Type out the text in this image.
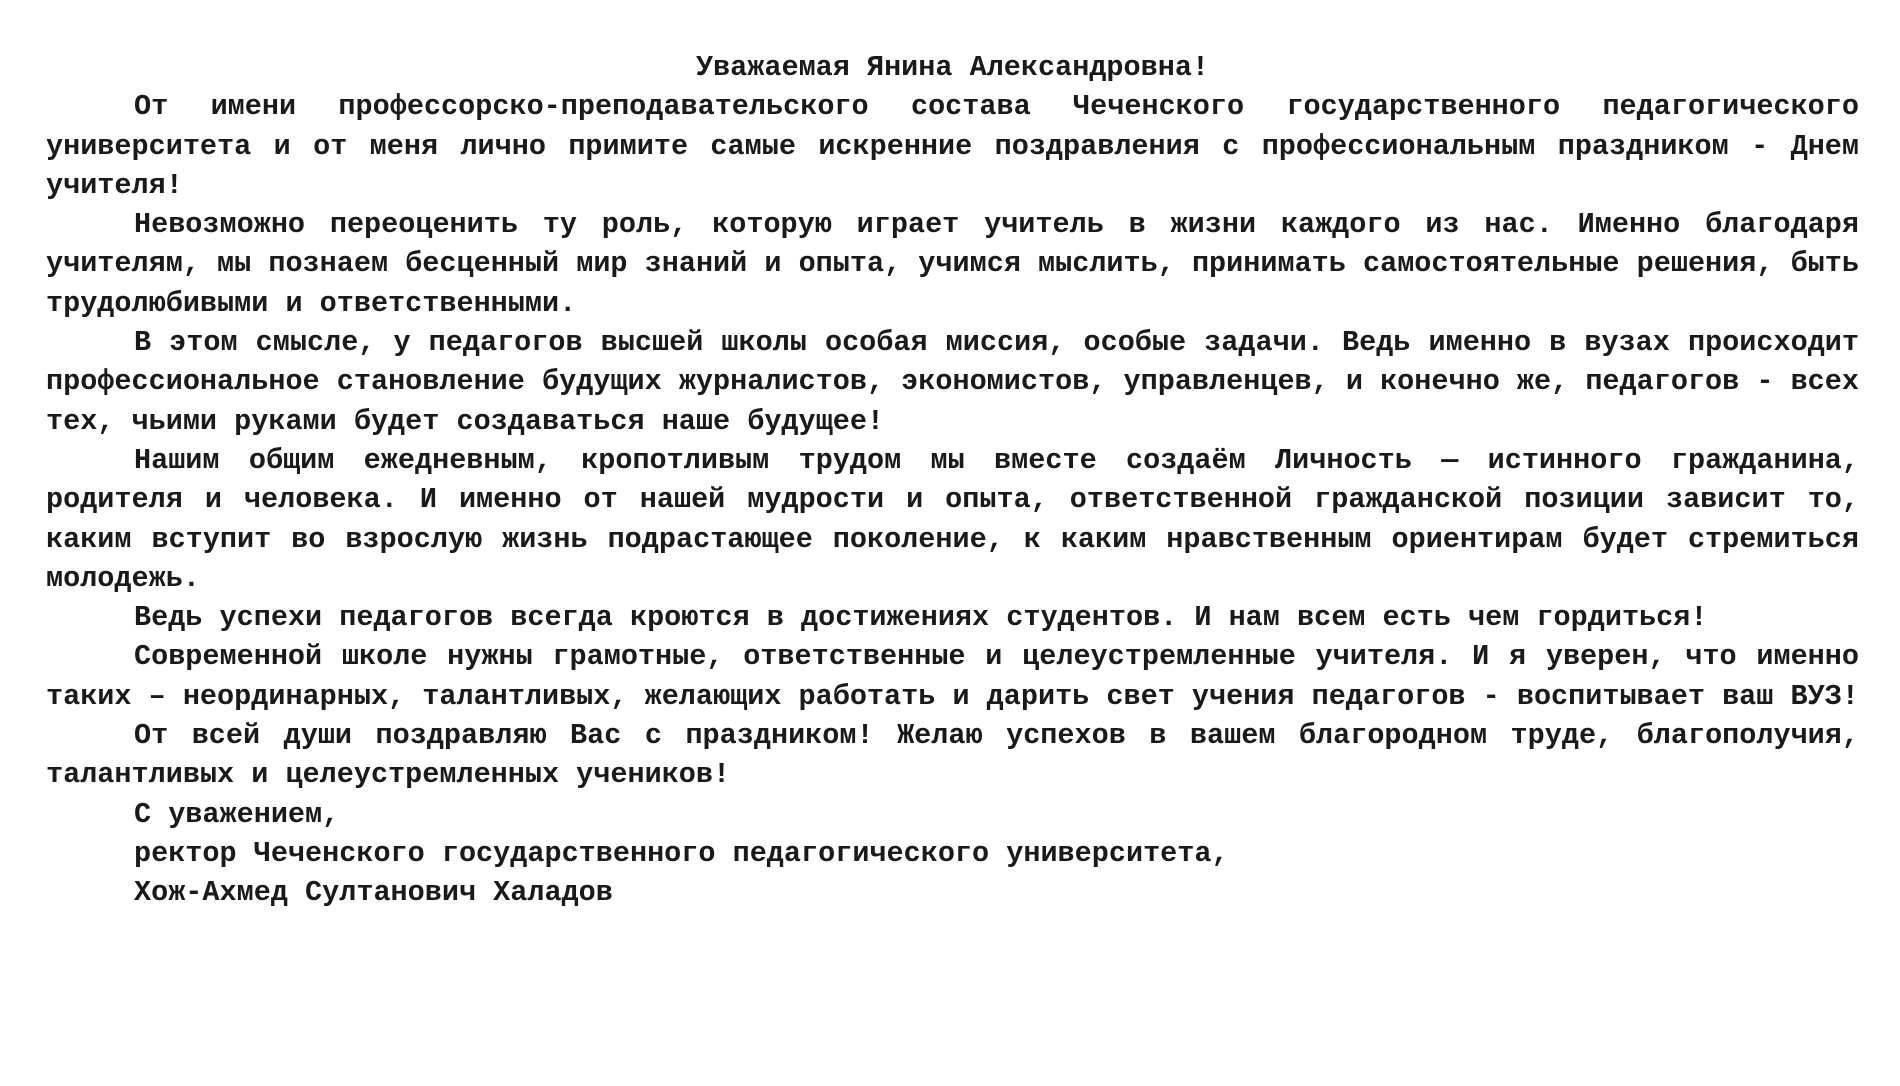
Уважаемая Янина Александровна!

От имени профессорско-преподавательского состава Чеченского государственного педагогического университета и от меня лично примите самые искренние поздравления с профессиональным праздником - Днем учителя!

Невозможно переоценить ту роль, которую играет учитель в жизни каждого из нас. Именно благодаря учителям, мы познаем бесценный мир знаний и опыта, учимся мыслить, принимать самостоятельные решения, быть трудолюбивыми и ответственными.

В этом смысле, у педагогов высшей школы особая миссия, особые задачи. Ведь именно в вузах происходит профессиональное становление будущих журналистов, экономистов, управленцев, и конечно же, педагогов - всех тех, чьими руками будет создаваться наше будущее!

Нашим общим ежедневным, кропотливым трудом мы вместе создаём Личность — истинного гражданина, родителя и человека. И именно от нашей мудрости и опыта, ответственной гражданской позиции зависит то, каким вступит во взрослую жизнь подрастающее поколение, к каким нравственным ориентирам будет стремиться молодежь.

Ведь успехи педагогов всегда кроются в достижениях студентов. И нам всем есть чем гордиться!

Современной школе нужны грамотные, ответственные и целеустремленные учителя. И я уверен, что именно таких – неординарных, талантливых, желающих работать и дарить свет учения педагогов - воспитывает ваш ВУЗ!

От всей души поздравляю Вас с праздником! Желаю успехов в вашем благородном труде, благополучия, талантливых и целеустремленных учеников!

С уважением,

ректор Чеченского государственного педагогического университета,

Хож-Ахмед Султанович Халадов
